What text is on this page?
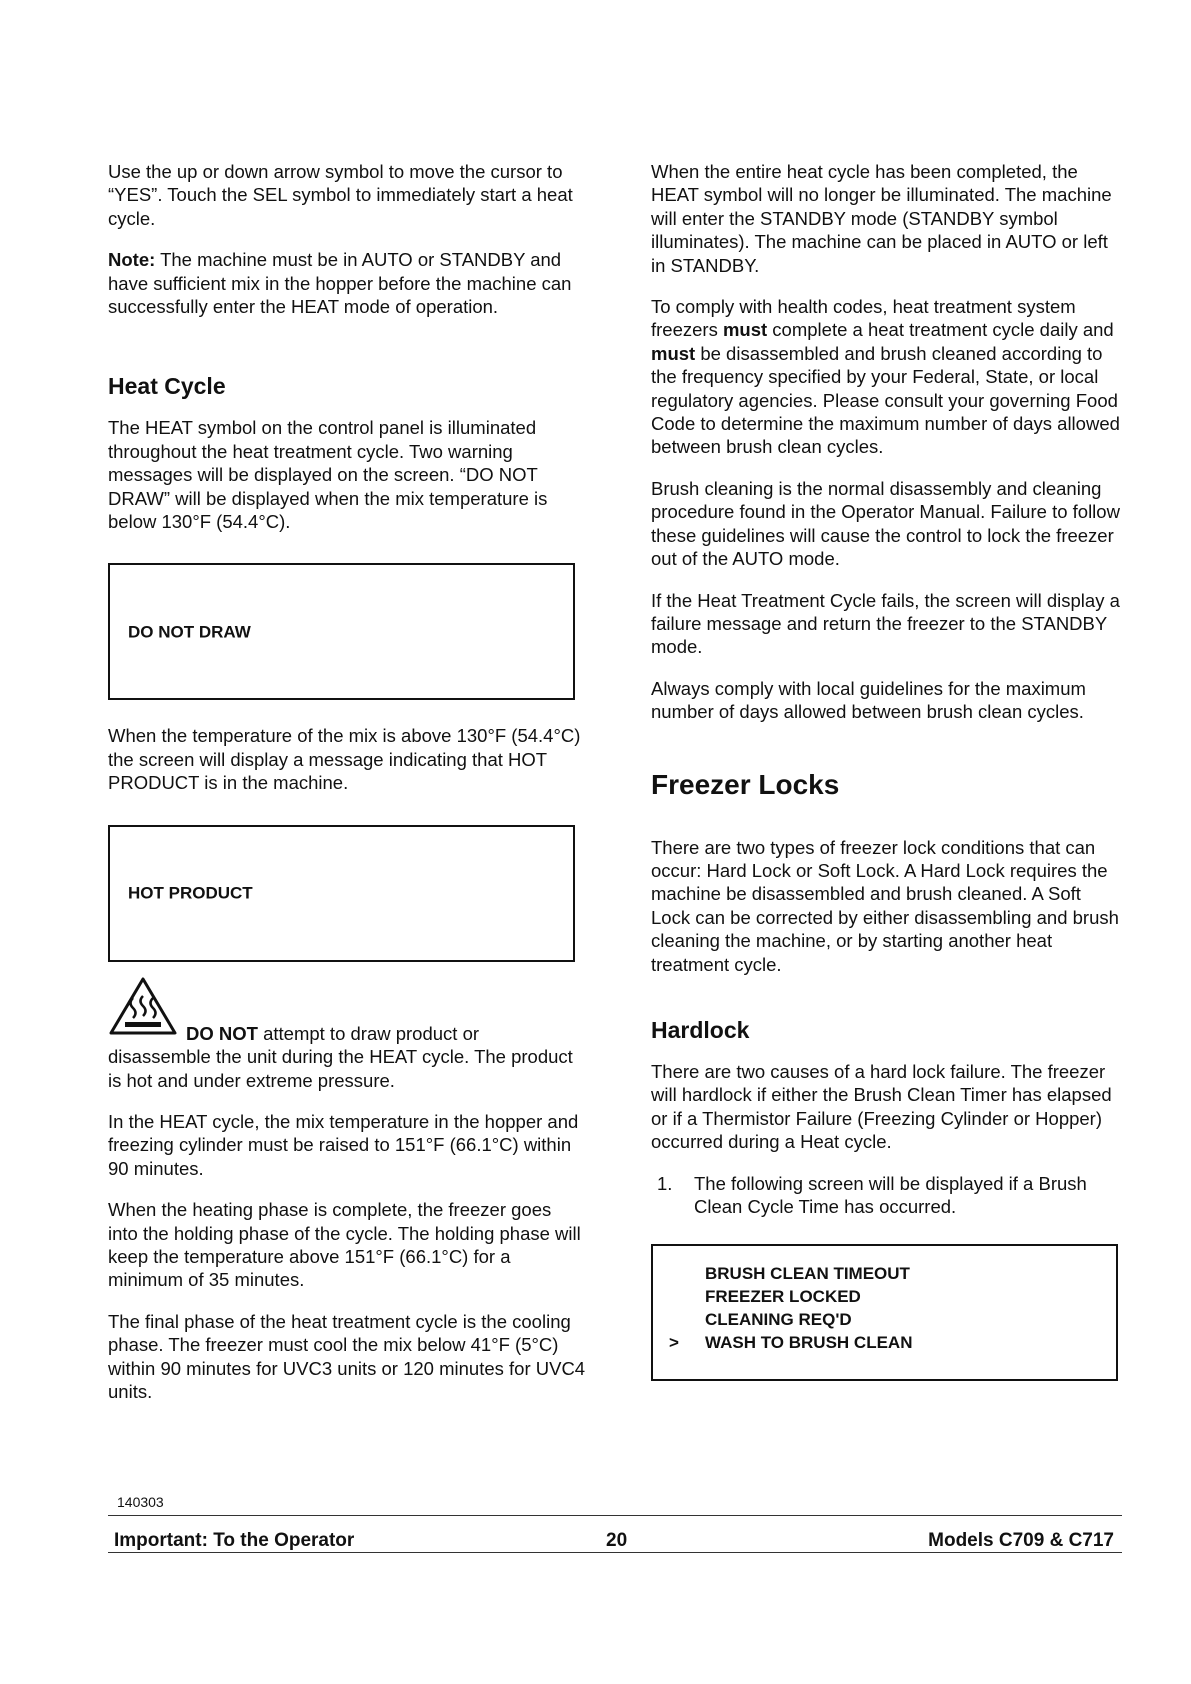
Use the up or down arrow symbol to move the cursor to “YES”. Touch the SEL symbol to immediately start a heat cycle.

Note: The machine must be in AUTO or STANDBY and have sufficient mix in the hopper before the machine can successfully enter the HEAT mode of operation.

Heat Cycle

The HEAT symbol on the control panel is illuminated throughout the heat treatment cycle. Two warning messages will be displayed on the screen. “DO NOT DRAW” will be displayed when the mix temperature is below 130°F (54.4°C).

DO NOT DRAW

When the temperature of the mix is above 130°F (54.4°C) the screen will display a message indicating that HOT PRODUCT is in the machine.

HOT PRODUCT

DO NOT attempt to draw product or disassemble the unit during the HEAT cycle. The product is hot and under extreme pressure.

In the HEAT cycle, the mix temperature in the hopper and freezing cylinder must be raised to 151°F (66.1°C) within 90 minutes.

When the heating phase is complete, the freezer goes into the holding phase of the cycle. The holding phase will keep the temperature above 151°F (66.1°C) for a minimum of 35 minutes.

The final phase of the heat treatment cycle is the cooling phase. The freezer must cool the mix below 41°F (5°C) within 90 minutes for UVC3 units or 120 minutes for UVC4 units.

When the entire heat cycle has been completed, the HEAT symbol will no longer be illuminated. The machine will enter the STANDBY mode (STANDBY symbol illuminates). The machine can be placed in AUTO or left in STANDBY.

To comply with health codes, heat treatment system freezers must complete a heat treatment cycle daily and must be disassembled and brush cleaned according to the frequency specified by your Federal, State, or local regulatory agencies. Please consult your governing Food Code to determine the maximum number of days allowed between brush clean cycles.

Brush cleaning is the normal disassembly and cleaning procedure found in the Operator Manual. Failure to follow these guidelines will cause the control to lock the freezer out of the AUTO mode.

If the Heat Treatment Cycle fails, the screen will display a failure message and return the freezer to the STANDBY mode.

Always comply with local guidelines for the maximum number of days allowed between brush clean cycles.

Freezer Locks

There are two types of freezer lock conditions that can occur: Hard Lock or Soft Lock. A Hard Lock requires the machine be disassembled and brush cleaned. A Soft Lock can be corrected by either disassembling and brush cleaning the machine, or by starting another heat treatment cycle.

Hardlock

There are two causes of a hard lock failure. The freezer will hardlock if either the Brush Clean Timer has elapsed or if a Thermistor Failure (Freezing Cylinder or Hopper) occurred during a Heat cycle.

1. The following screen will be displayed if a Brush Clean Cycle Time has occurred.

BRUSH CLEAN TIMEOUT
FREEZER LOCKED
CLEANING REQ'D
> WASH TO BRUSH CLEAN
140303
Important: To the Operator	20	Models C709 & C717
